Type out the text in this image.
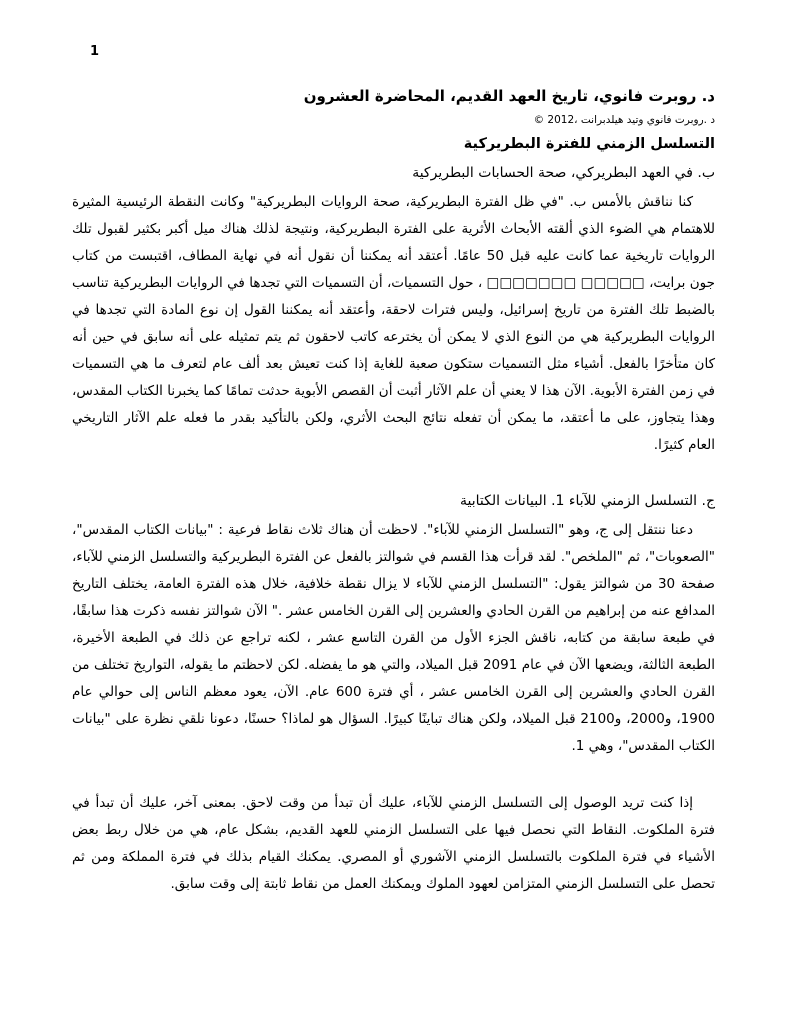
1
د. روبرت فانوي، تاريخ العهد القديم، المحاضرة العشرون
د .روبرت فانوي وتيد هيلدبرانت ،2012 ©
التسلسل الزمني للفترة البطريركية
ب. في العهد البطريركي، صحة الحسابات البطريركية

كنا نناقش بالأمس ب. "في ظل الفترة البطريركية، صحة الروايات البطريركية" وكانت النقطة الرئيسية المثيرة للاهتمام هي الضوء الذي ألقته الأبحاث الأثرية على الفترة البطريركية، ونتيجة لذلك هناك ميل أكبر بكثير لقبول تلك الروايات تاريخية عما كانت عليه قبل 50 عامًا. أعتقد أنه يمكننا أن نقول أنه في نهاية المطاف، اقتبست من كتاب جون برايت، □□□□□ □□□□□□□ ، حول التسميات، أن التسميات التي تجدها في الروايات البطريركية تناسب بالضبط تلك الفترة من تاريخ إسرائيل، وليس فترات لاحقة، وأعتقد أنه يمكننا القول إن نوع المادة التي تجدها في الروايات البطريركية هي من النوع الذي لا يمكن أن يخترعه كاتب لاحقون ثم يتم تمثيله على أنه سابق في حين أنه كان متأخرًا بالفعل. أشياء مثل التسميات ستكون صعبة للغاية إذا كنت تعيش بعد ألف عام لتعرف ما هي التسميات في زمن الفترة الأبوية. الآن هذا لا يعني أن علم الآثار أثبت أن القصص الأبوية حدثت تمامًا كما يخبرنا الكتاب المقدس، وهذا يتجاوز، على ما أعتقد، ما يمكن أن تفعله نتائج البحث الأثري، ولكن بالتأكيد بقدر ما فعله علم الآثار التاريخي العام كثيرًا.

ج. التسلسل الزمني للآباء 1. البيانات الكتابية

دعنا ننتقل إلى ج، وهو "التسلسل الزمني للآباء". لاحظت أن هناك ثلاث نقاط فرعية : "بيانات الكتاب المقدس"، "الصعوبات"، ثم "الملخص". لقد قرأت هذا القسم في شوالتز بالفعل عن الفترة البطريركية والتسلسل الزمني للآباء، صفحة 30 من شوالتز يقول: "التسلسل الزمني للآباء لا يزال نقطة خلافية، خلال هذه الفترة العامة، يختلف التاريخ المدافع عنه من إبراهيم من القرن الحادي والعشرين إلى القرن الخامس عشر ." الآن شوالتز نفسه ذكرت هذا سابقًا، في طبعة سابقة من كتابه، ناقش الجزء الأول من القرن التاسع عشر ، لكنه تراجع عن ذلك في الطبعة الأخيرة، الطبعة الثالثة، ويضعها الآن في عام 2091 قبل الميلاد، والتي هو ما يفضله. لكن لاحظتم ما يقوله، التواريخ تختلف من القرن الحادي والعشرين إلى القرن الخامس عشر ، أي فترة 600 عام. الآن، يعود معظم الناس إلى حوالي عام 1900، و2000، و2100 قبل الميلاد، ولكن هناك تباينًا كبيرًا. السؤال هو لماذا؟ حسنًا، دعونا نلقي نظرة على "بيانات الكتاب المقدس"، وهي 1.

إذا كنت تريد الوصول إلى التسلسل الزمني للآباء، عليك أن تبدأ من وقت لاحق. بمعنى آخر، عليك أن تبدأ في فترة الملكوت. النقاط التي نحصل فيها على التسلسل الزمني للعهد القديم، بشكل عام، هي من خلال ربط بعض الأشياء في فترة الملكوت بالتسلسل الزمني الآشوري أو المصري. يمكنك القيام بذلك في فترة المملكة ومن ثم تحصل على التسلسل الزمني المتزامن لعهود الملوك ويمكنك العمل من نقاط ثابتة إلى وقت سابق.
